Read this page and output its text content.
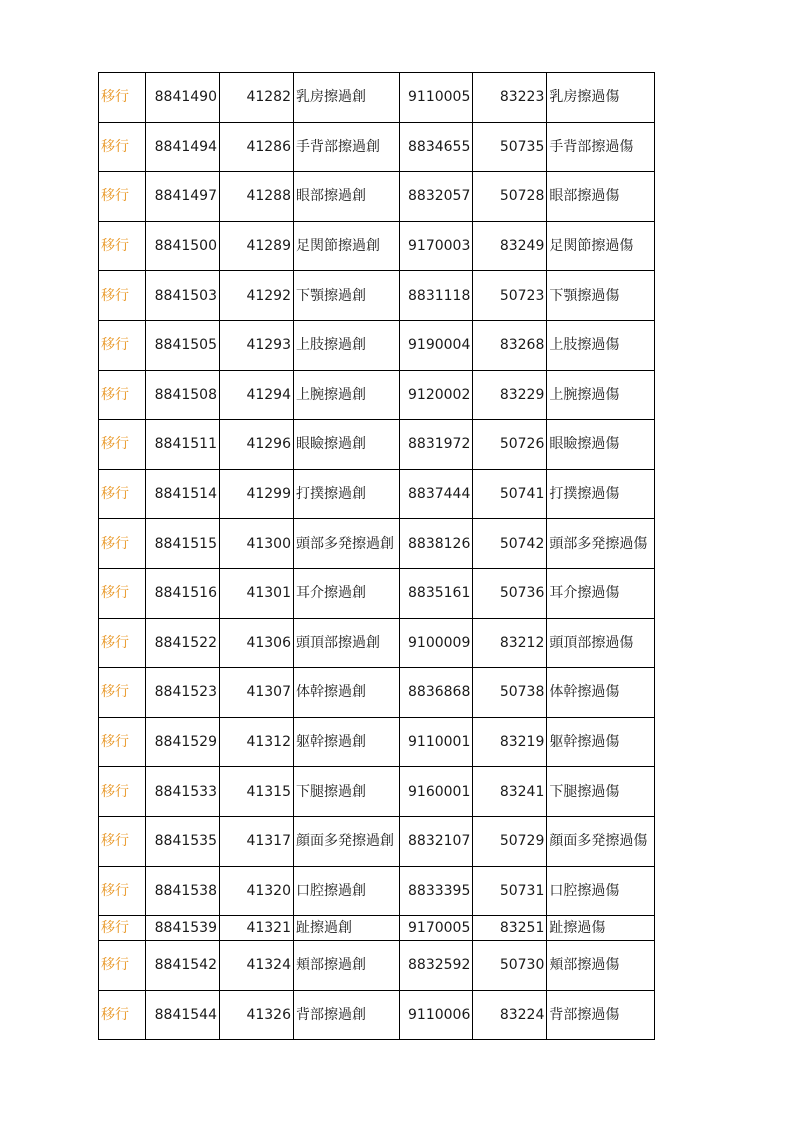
移行	8841490	41282	乳房擦過創	9110005	83223	乳房擦過傷
移行	8841494	41286	手背部擦過創	8834655	50735	手背部擦過傷
移行	8841497	41288	眼部擦過創	8832057	50728	眼部擦過傷
移行	8841500	41289	足関節擦過創	9170003	83249	足関節擦過傷
移行	8841503	41292	下顎擦過創	8831118	50723	下顎擦過傷
移行	8841505	41293	上肢擦過創	9190004	83268	上肢擦過傷
移行	8841508	41294	上腕擦過創	9120002	83229	上腕擦過傷
移行	8841511	41296	眼瞼擦過創	8831972	50726	眼瞼擦過傷
移行	8841514	41299	打撲擦過創	8837444	50741	打撲擦過傷
移行	8841515	41300	頭部多発擦過創	8838126	50742	頭部多発擦過傷
移行	8841516	41301	耳介擦過創	8835161	50736	耳介擦過傷
移行	8841522	41306	頭頂部擦過創	9100009	83212	頭頂部擦過傷
移行	8841523	41307	体幹擦過創	8836868	50738	体幹擦過傷
移行	8841529	41312	躯幹擦過創	9110001	83219	躯幹擦過傷
移行	8841533	41315	下腿擦過創	9160001	83241	下腿擦過傷
移行	8841535	41317	顔面多発擦過創	8832107	50729	顔面多発擦過傷
移行	8841538	41320	口腔擦過創	8833395	50731	口腔擦過傷
移行	8841539	41321	趾擦過創	9170005	83251	趾擦過傷
移行	8841542	41324	頬部擦過創	8832592	50730	頬部擦過傷
移行	8841544	41326	背部擦過創	9110006	83224	背部擦過傷
